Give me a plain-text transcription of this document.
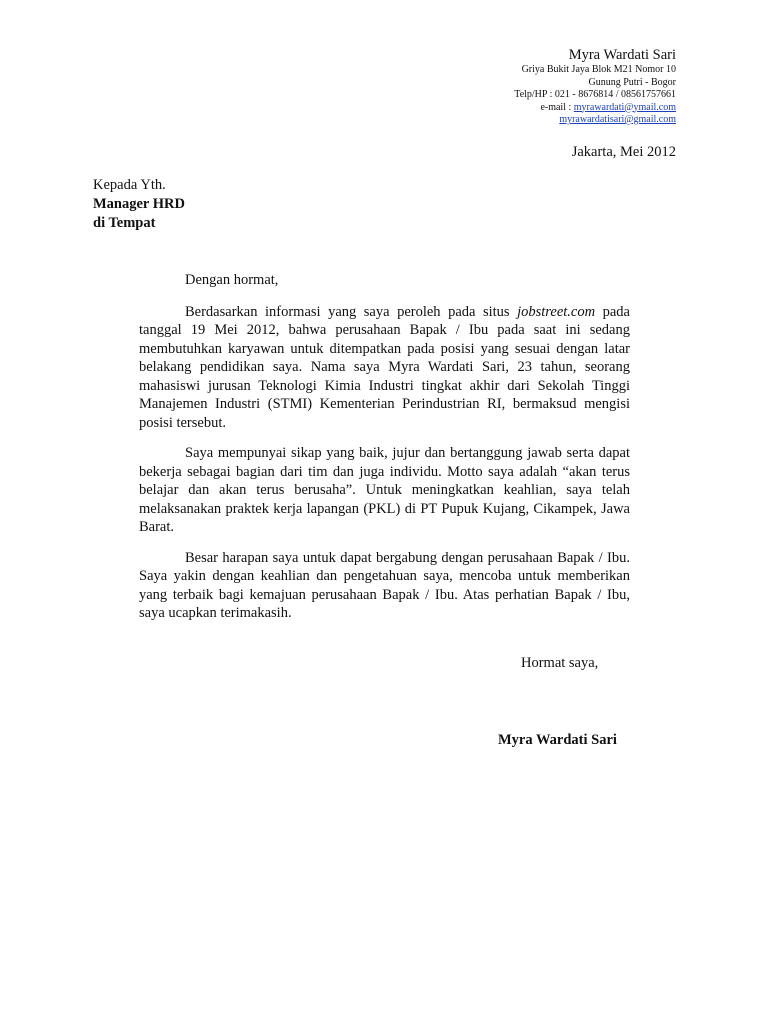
Myra Wardati Sari
Griya Bukit Jaya Blok M21 Nomor 10
Gunung Putri - Bogor
Telp/HP : 021 - 8676814 / 08561757661
e-mail : myrawardati@ymail.com
myrawardatisari@gmail.com
Jakarta, Mei 2012
Kepada Yth.
Manager HRD
di Tempat

Dengan hormat,

Berdasarkan informasi yang saya peroleh pada situs jobstreet.com pada tanggal 19 Mei 2012, bahwa perusahaan Bapak / Ibu pada saat ini sedang membutuhkan karyawan untuk ditempatkan pada posisi yang sesuai dengan latar belakang pendidikan saya. Nama saya Myra Wardati Sari, 23 tahun, seorang mahasiswi jurusan Teknologi Kimia Industri tingkat akhir dari Sekolah Tinggi Manajemen Industri (STMI) Kementerian Perindustrian RI, bermaksud mengisi posisi tersebut.

Saya mempunyai sikap yang baik, jujur dan bertanggung jawab serta dapat bekerja sebagai bagian dari tim dan juga individu. Motto saya adalah “akan terus belajar dan akan terus berusaha”. Untuk meningkatkan keahlian, saya telah melaksanakan praktek kerja lapangan (PKL) di PT Pupuk Kujang, Cikampek, Jawa Barat.

Besar harapan saya untuk dapat bergabung dengan perusahaan Bapak / Ibu. Saya yakin dengan keahlian dan pengetahuan saya, mencoba untuk memberikan yang terbaik bagi kemajuan perusahaan Bapak / Ibu. Atas perhatian Bapak / Ibu, saya ucapkan terimakasih.

Hormat saya,
Myra Wardati Sari
